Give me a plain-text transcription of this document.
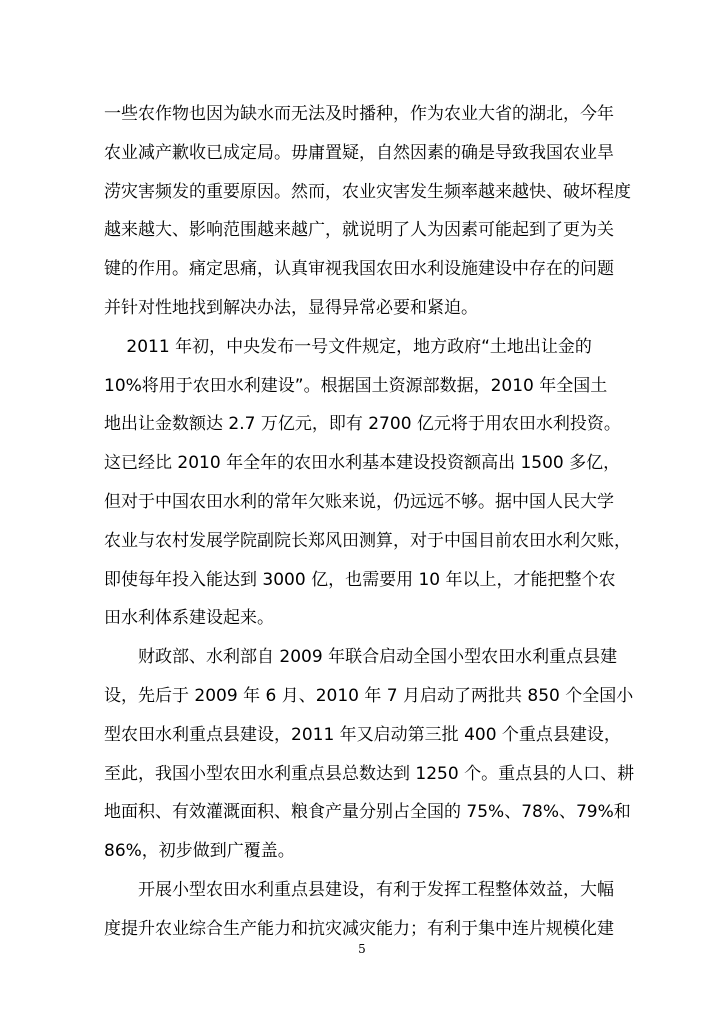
一些农作物也因为缺水而无法及时播种，作为农业大省的湖北，今年
农业减产歉收已成定局。毋庸置疑，自然因素的确是导致我国农业旱
涝灾害频发的重要原因。然而，农业灾害发生频率越来越快、破坏程度
越来越大、影响范围越来越广，就说明了人为因素可能起到了更为关
键的作用。痛定思痛，认真审视我国农田水利设施建设中存在的问题
并针对性地找到解决办法，显得异常必要和紧迫。
　 2011 年初，中央发布一号文件规定，地方政府“土地出让金的
10%将用于农田水利建设”。根据国土资源部数据，2010 年全国土
地出让金数额达 2.7 万亿元，即有 2700 亿元将于用农田水利投资。
这已经比 2010 年全年的农田水利基本建设投资额高出 1500 多亿，
但对于中国农田水利的常年欠账来说，仍远远不够。据中国人民大学
农业与农村发展学院副院长郑风田测算，对于中国目前农田水利欠账，
即使每年投入能达到 3000 亿，也需要用 10 年以上，才能把整个农
田水利体系建设起来。
　　财政部、水利部自 2009 年联合启动全国小型农田水利重点县建
设，先后于 2009 年 6 月、2010 年 7 月启动了两批共 850 个全国小
型农田水利重点县建设，2011 年又启动第三批 400 个重点县建设，
至此，我国小型农田水利重点县总数达到 1250 个。重点县的人口、耕
地面积、有效灌溉面积、粮食产量分别占全国的 75%、78%、79%和
86%，初步做到广覆盖。
　　开展小型农田水利重点县建设，有利于发挥工程整体效益，大幅
度提升农业综合生产能力和抗灾减灾能力；有利于集中连片规模化建
5
